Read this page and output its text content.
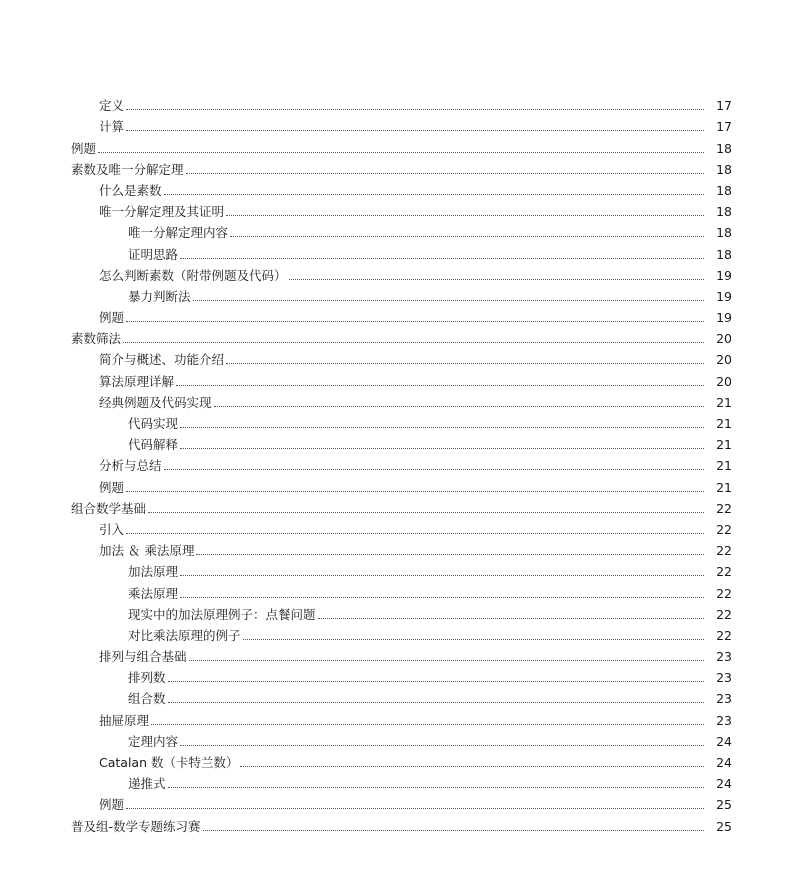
定义	17
计算	17
例题	18
素数及唯一分解定理	18
什么是素数	18
唯一分解定理及其证明	18
唯一分解定理内容	18
证明思路	18
怎么判断素数（附带例题及代码）	19
暴力判断法	19
例题	19
素数筛法	20
简介与概述、功能介绍	20
算法原理详解	20
经典例题及代码实现	21
代码实现	21
代码解释	21
分析与总结	21
例题	21
组合数学基础	22
引入	22
加法 ＆ 乘法原理	22
加法原理	22
乘法原理	22
现实中的加法原理例子：点餐问题	22
对比乘法原理的例子	22
排列与组合基础	23
排列数	23
组合数	23
抽屉原理	23
定理内容	24
Catalan 数（卡特兰数）	24
递推式	24
例题	25
普及组-数学专题练习赛	25
